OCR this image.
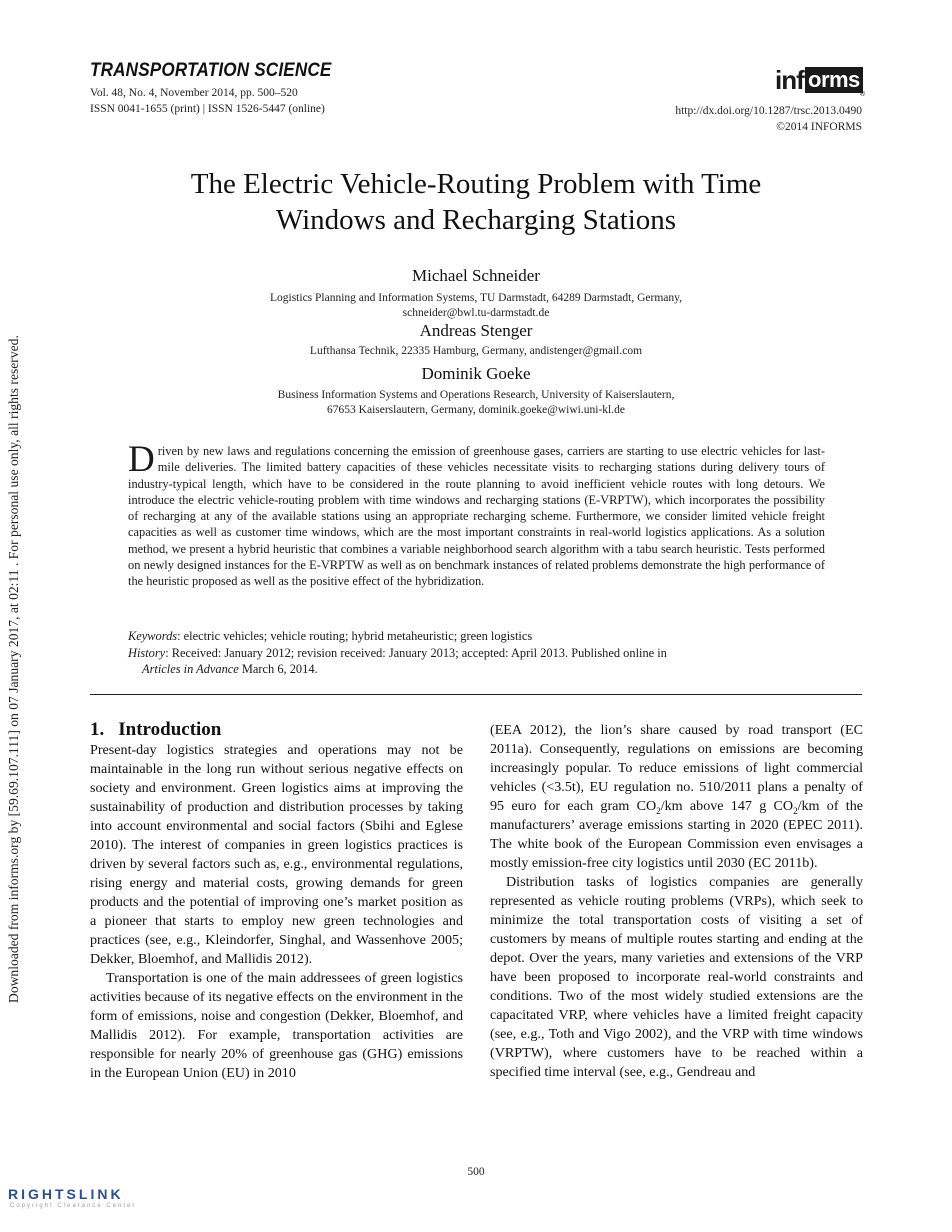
TRANSPORTATION SCIENCE
Vol. 48, No. 4, November 2014, pp. 500–520
ISSN 0041-1655 (print) | ISSN 1526-5447 (online)
inf orms
®
http://dx.doi.org/10.1287/trsc.2013.0490
©2014 INFORMS
The Electric Vehicle-Routing Problem with Time
Windows and Recharging Stations
Michael Schneider
Logistics Planning and Information Systems, TU Darmstadt, 64289 Darmstadt, Germany,
schneider@bwl.tu-darmstadt.de
Andreas Stenger
Lufthansa Technik, 22335 Hamburg, Germany, andistenger@gmail.com
Dominik Goeke
Business Information Systems and Operations Research, University of Kaiserslautern,
67653 Kaiserslautern, Germany, dominik.goeke@wiwi.uni-kl.de
Driven by new laws and regulations concerning the emission of greenhouse gases, carriers are starting to use electric vehicles for last-mile deliveries. The limited battery capacities of these vehicles necessitate visits to recharging stations during delivery tours of industry-typical length, which have to be considered in the route planning to avoid inefficient vehicle routes with long detours. We introduce the electric vehicle-routing problem with time windows and recharging stations (E-VRPTW), which incorporates the possibility of recharging at any of the available stations using an appropriate recharging scheme. Furthermore, we consider limited vehicle freight capacities as well as customer time windows, which are the most important constraints in real-world logistics applications. As a solution method, we present a hybrid heuristic that combines a variable neighborhood search algorithm with a tabu search heuristic. Tests performed on newly designed instances for the E-VRPTW as well as on benchmark instances of related problems demonstrate the high performance of the heuristic proposed as well as the positive effect of the hybridization.
Keywords: electric vehicles; vehicle routing; hybrid metaheuristic; green logistics
History: Received: January 2012; revision received: January 2013; accepted: April 2013. Published online in
Articles in Advance March 6, 2014.
1. Introduction

Present-day logistics strategies and operations may not be maintainable in the long run without serious negative effects on society and environment. Green logistics aims at improving the sustainability of production and distribution processes by taking into account environmental and social factors (Sbihi and Eglese 2010). The interest of companies in green logistics practices is driven by several factors such as, e.g., environmental regulations, rising energy and material costs, growing demands for green products and the potential of improving one’s market position as a pioneer that starts to employ new green technologies and practices (see, e.g., Kleindorfer, Singhal, and Wassenhove 2005; Dekker, Bloemhof, and Mallidis 2012).

Transportation is one of the main addressees of green logistics activities because of its negative effects on the environment in the form of emissions, noise and congestion (Dekker, Bloemhof, and Mallidis 2012). For example, transportation activities are responsible for nearly 20% of greenhouse gas (GHG) emissions in the European Union (EU) in 2010

(EEA 2012), the lion’s share caused by road transport (EC 2011a). Consequently, regulations on emissions are becoming increasingly popular. To reduce emissions of light commercial vehicles (<3.5t), EU regulation no. 510/2011 plans a penalty of 95 euro for each gram $CO_2/km$ above 147 g $CO_2/km$ of the manufacturers’ average emissions starting in 2020 (EPEC 2011). The white book of the European Commission even envisages a mostly emission-free city logistics until 2030 (EC 2011b).

Distribution tasks of logistics companies are generally represented as vehicle routing problems (VRPs), which seek to minimize the total transportation costs of visiting a set of customers by means of multiple routes starting and ending at the depot. Over the years, many varieties and extensions of the VRP have been proposed to incorporate real-world constraints and conditions. Two of the most widely studied extensions are the capacitated VRP, where vehicles have a limited freight capacity (see, e.g., Toth and Vigo 2002), and the VRP with time windows (VRPTW), where customers have to be reached within a specified time interval (see, e.g., Gendreau and

500
Downloaded from informs.org by [59.69.107.111] on 07 January 2017, at 02:11 . For personal use only, all rights reserved.
RIGHTSLINK
Copyright Clearance Center
